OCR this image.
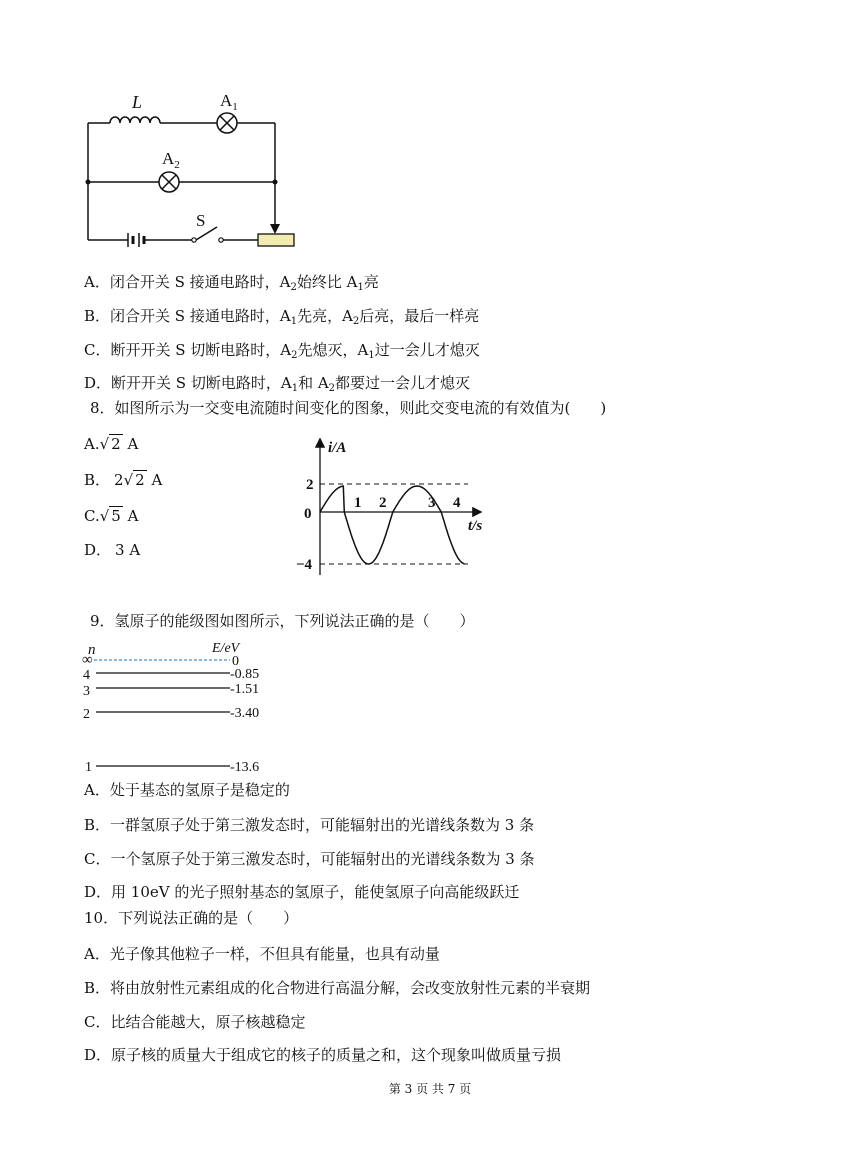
L	$A_1$
$A_2$
S
A．闭合开关 S 接通电路时，$A_2$始终比 $A_1$亮
B．闭合开关 S 接通电路时，$A_1$先亮，$A_2$后亮，最后一样亮
C．断开开关 S 切断电路时，$A_2$先熄灭，$A_1$过一会儿才熄灭
D．断开开关 S 切断电路时，$A_1$和 $A_2$都要过一会儿才熄灭
8．如图所示为一交变电流随时间变化的图象，则此交变电流的有效值为(　　)
A.√ 2 A
B． 2√ 2 A
C.√ 5 A
D． 3 A
i/A
t/s
0
2
−4
1 2	3 4
9．氢原子的能级图如图所示，下列说法正确的是（　　）
n	E/eV
∞	0
4	-0.85
3	-1.51
2	-3.40
1	-13.6
A．处于基态的氢原子是稳定的
B．一群氢原子处于第三激发态时，可能辐射出的光谱线条数为 3 条
C．一个氢原子处于第三激发态时，可能辐射出的光谱线条数为 3 条
D．用 10eV 的光子照射基态的氢原子，能使氢原子向高能级跃迁
10．下列说法正确的是（　　）
A．光子像其他粒子一样，不但具有能量，也具有动量
B．将由放射性元素组成的化合物进行高温分解，会改变放射性元素的半衰期
C．比结合能越大，原子核越稳定
D．原子核的质量大于组成它的核子的质量之和，这个现象叫做质量亏损
第 3 页 共 7 页
